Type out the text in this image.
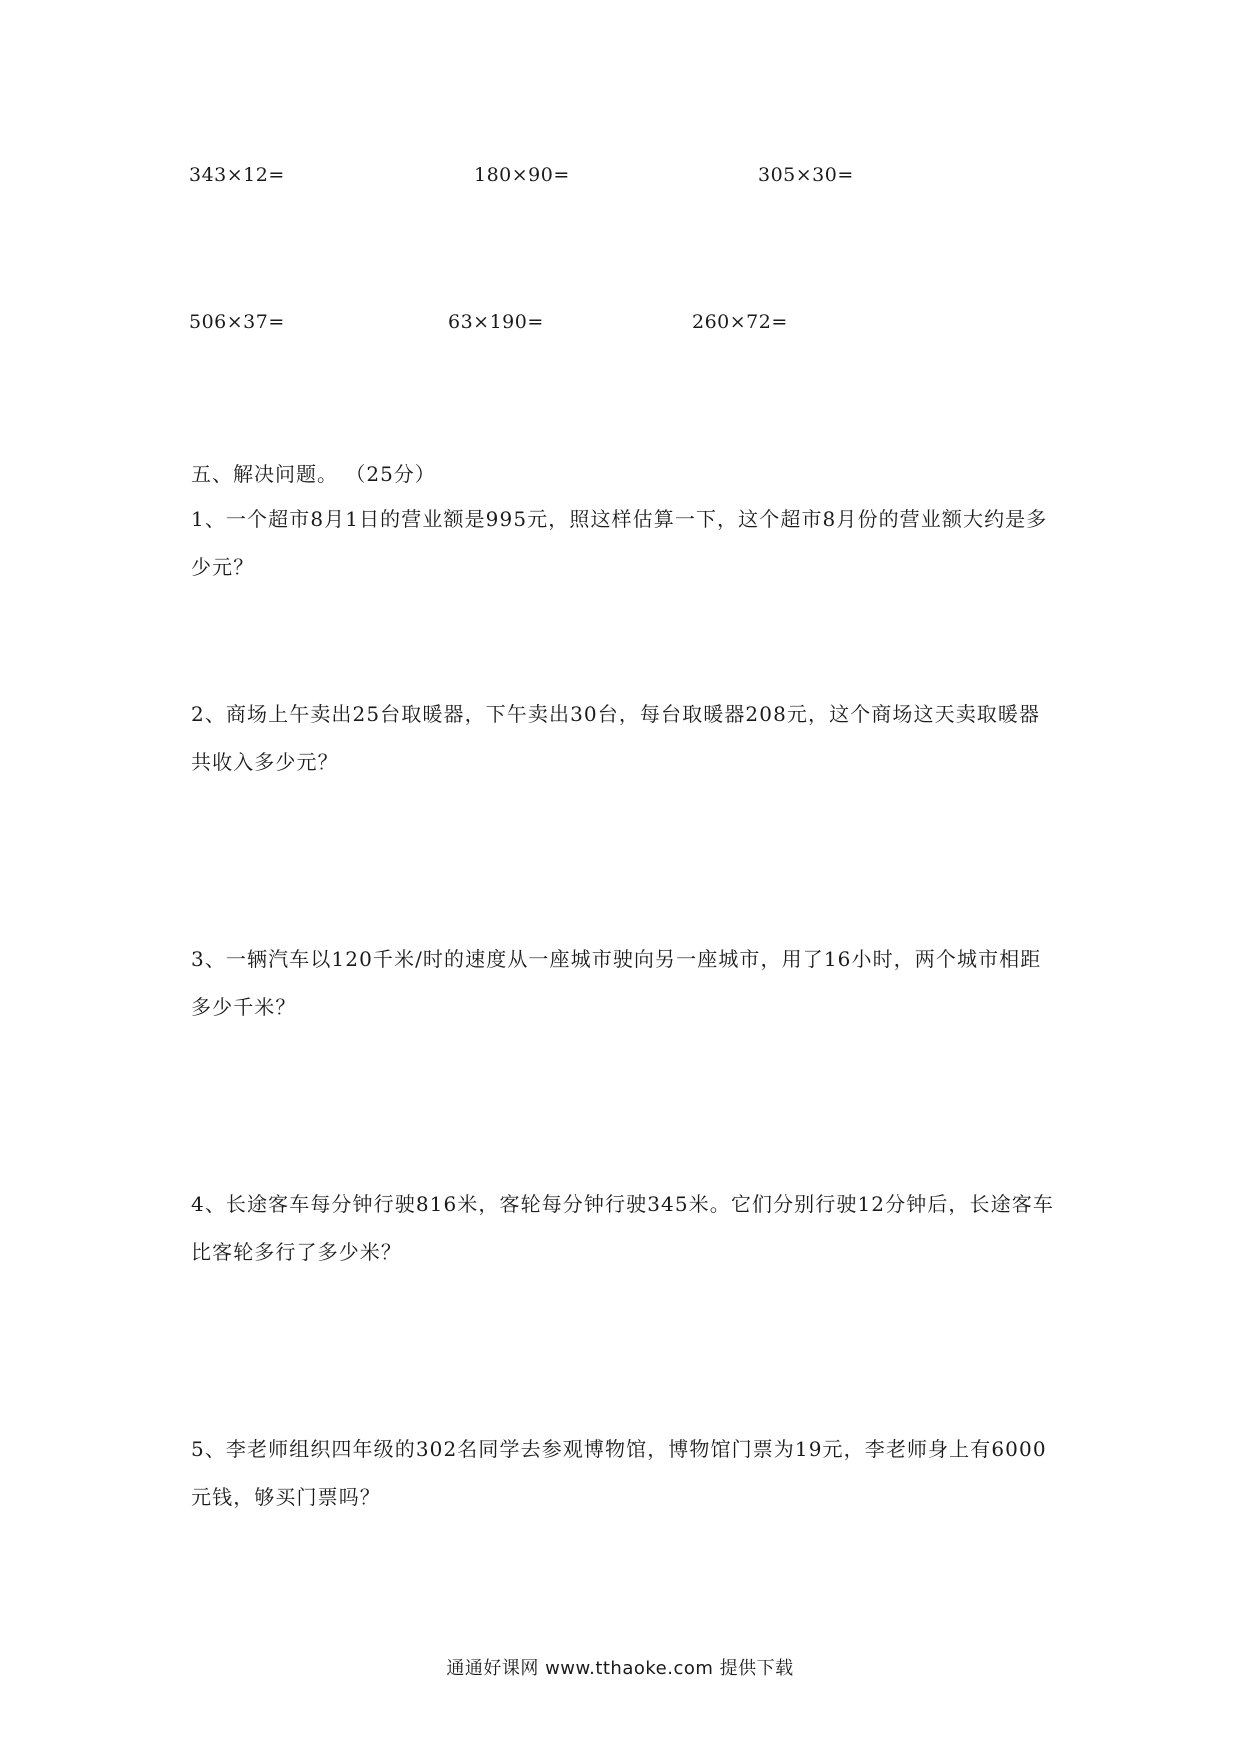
343×12=	180×90=	305×30=
506×37=	63×190=	260×72=
五、解决问题。 （25分）
1、一个超市8月1日的营业额是995元，照这样估算一下，这个超市8月份的营业额大约是多少元？
2、商场上午卖出25台取暖器，下午卖出30台，每台取暖器208元，这个商场这天卖取暖器共收入多少元？
3、一辆汽车以120千米/时的速度从一座城市驶向另一座城市，用了16小时，两个城市相距多少千米？
4、长途客车每分钟行驶816米，客轮每分钟行驶345米。它们分别行驶12分钟后，长途客车比客轮多行了多少米？
5、李老师组织四年级的302名同学去参观博物馆，博物馆门票为19元，李老师身上有6000元钱，够买门票吗？
通通好课网 www.tthaoke.com 提供下载
